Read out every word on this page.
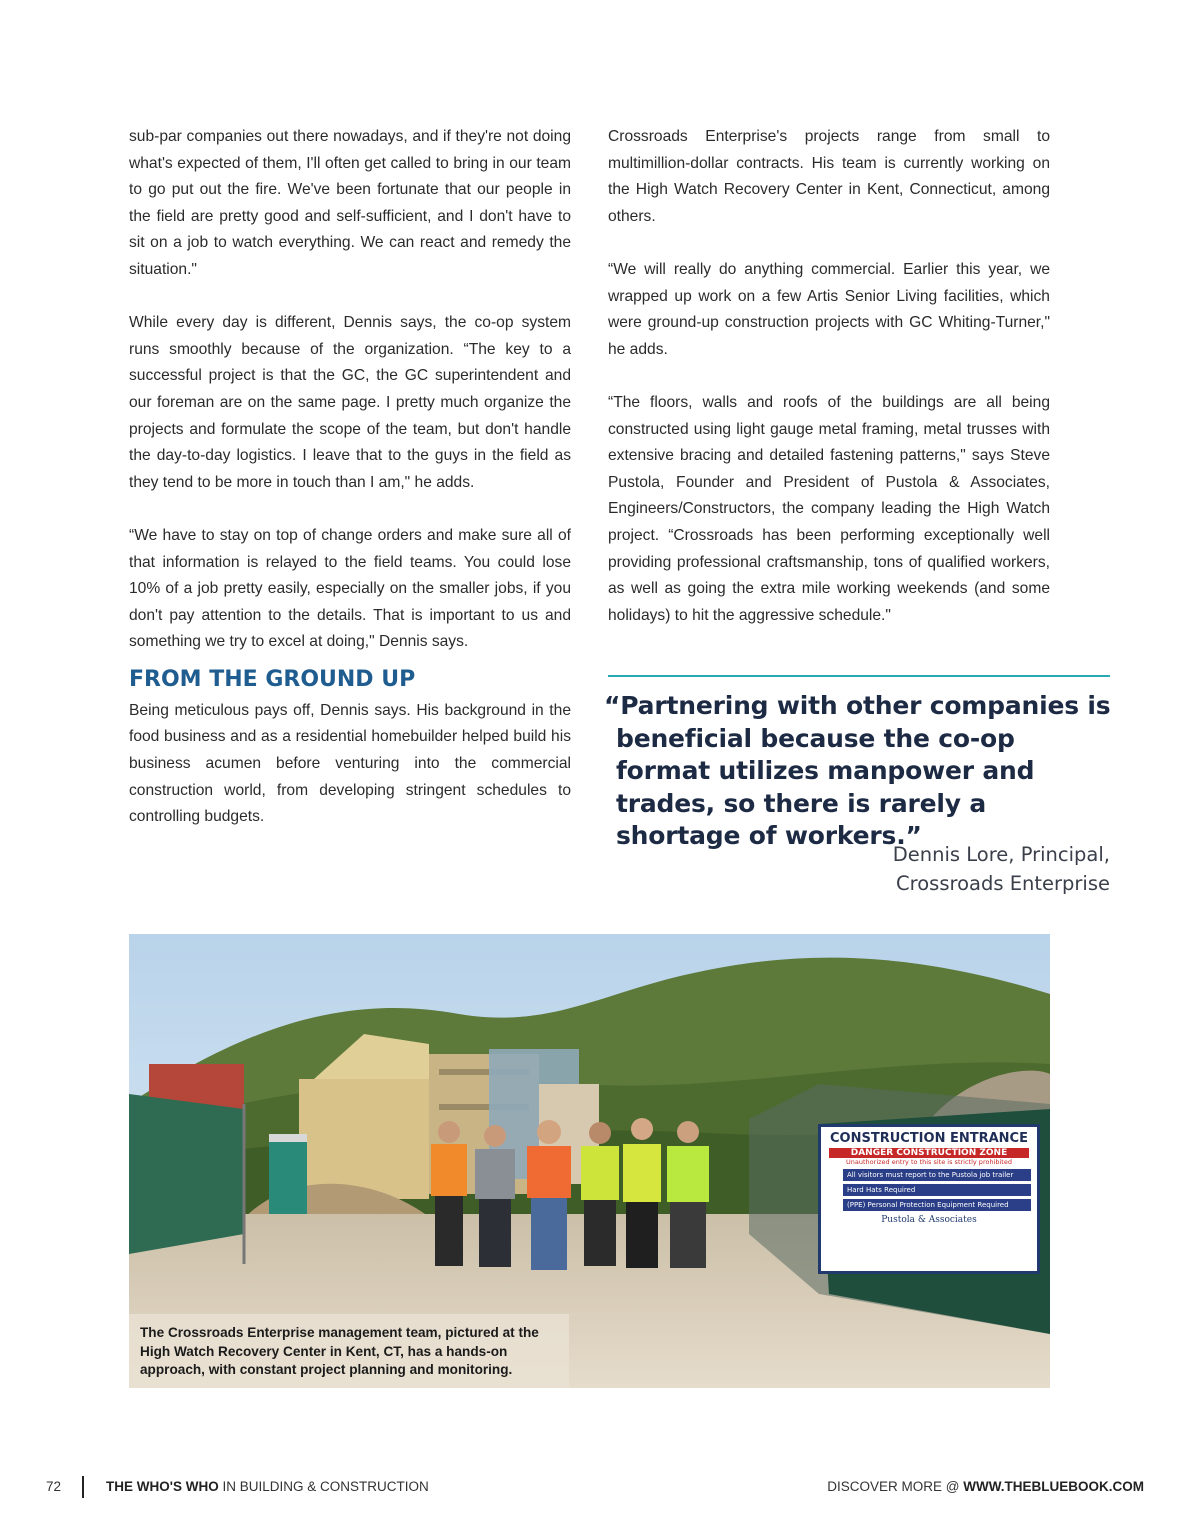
sub-par companies out there nowadays, and if they're not doing what's expected of them, I'll often get called to bring in our team to go put out the fire. We've been fortunate that our people in the field are pretty good and self-sufficient, and I don't have to sit on a job to watch everything. We can react and remedy the situation."

While every day is different, Dennis says, the co-op system runs smoothly because of the organization. “The key to a successful project is that the GC, the GC superintendent and our foreman are on the same page. I pretty much organize the projects and formulate the scope of the team, but don't handle the day-to-day logistics. I leave that to the guys in the field as they tend to be more in touch than I am," he adds.

“We have to stay on top of change orders and make sure all of that information is relayed to the field teams. You could lose 10% of a job pretty easily, especially on the smaller jobs, if you don't pay attention to the details. That is important to us and something we try to excel at doing," Dennis says.

FROM THE GROUND UP

Being meticulous pays off, Dennis says. His background in the food business and as a residential homebuilder helped build his business acumen before venturing into the commercial construction world, from developing stringent schedules to controlling budgets.

Crossroads Enterprise's projects range from small to multimillion-dollar contracts. His team is currently working on the High Watch Recovery Center in Kent, Connecticut, among others.

“We will really do anything commercial. Earlier this year, we wrapped up work on a few Artis Senior Living facilities, which were ground-up construction projects with GC Whiting-Turner," he adds.

“The floors, walls and roofs of the buildings are all being constructed using light gauge metal framing, metal trusses with extensive bracing and detailed fastening patterns," says Steve Pustola, Founder and President of Pustola & Associates, Engineers/Constructors, the company leading the High Watch project. “Crossroads has been performing exceptionally well providing professional craftsmanship, tons of qualified workers, as well as going the extra mile working weekends (and some holidays) to hit the aggressive schedule."

“Partnering with other companies is beneficial because the co-op format utilizes manpower and trades, so there is rarely a shortage of workers.”
Dennis Lore, Principal,
Crossroads Enterprise
CONSTRUCTION ENTRANCE
DANGER CONSTRUCTION ZONE
Unauthorized entry to this site is strictly prohibited
All visitors must report to the Pustola job trailer
Hard Hats Required
(PPE) Personal Protection Equipment Required
Pustola & Associates
The Crossroads Enterprise management team, pictured at the High Watch Recovery Center in Kent, CT, has a hands-on approach, with constant project planning and monitoring.
72	THE WHO'S WHO IN BUILDING & CONSTRUCTION	DISCOVER MORE @ WWW.THEBLUEBOOK.COM
